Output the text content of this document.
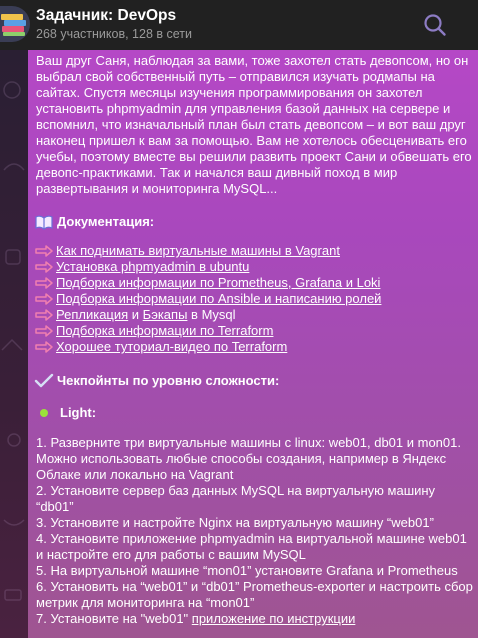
Задачник: DevOps
268 участников, 128 в сети

Ваш друг Саня, наблюдая за вами, тоже захотел стать девопсом, но он выбрал свой собственный путь – отправился изучать родмапы на сайтах. Спустя месяцы изучения программирования он захотел установить phpmyadmin для управления базой данных на сервере и вспомнил, что изначальный план был стать девопсом – и вот ваш друг наконец пришел к вам за помощью. Вам не хотелось обесценивать его учебы, поэтому вместе вы решили развить проект Сани и обвешать его девопс-практиками. Так и начался ваш дивный поход в мир развертывания и мониторинга MySQL...

Документация:
Как поднимать виртуальные машины в Vagrant
Установка phpmyadmin в ubuntu
Подборка информации по Prometheus, Grafana и Loki
Подборка информации по Ansible и написанию ролей
Репликация и Бэкапы в Mysql
Подборка информации по Terraform
Хорошее туториал-видео по Terraform
Чекпойнты по уровню сложности:
Light:
1. Разверните три виртуальные машины с linux: web01, db01 и mon01. Можно использовать любые способы создания, например в Яндекс Облаке или локально на Vagrant
2. Установите сервер баз данных MySQL на виртуальную машину “db01”
3. Установите и настройте Nginx на виртуальную машину “web01”
4. Установите приложение phpmyadmin на виртуальной машине web01 и настройте его для работы с вашим MySQL
5. На виртуальной машине “mon01” установите Grafana и Prometheus
6. Установить на “web01” и “db01” Prometheus-exporter и настроить сбор метрик для мониторинга на “mon01”
7. Установите на "web01" приложение по инструкции
